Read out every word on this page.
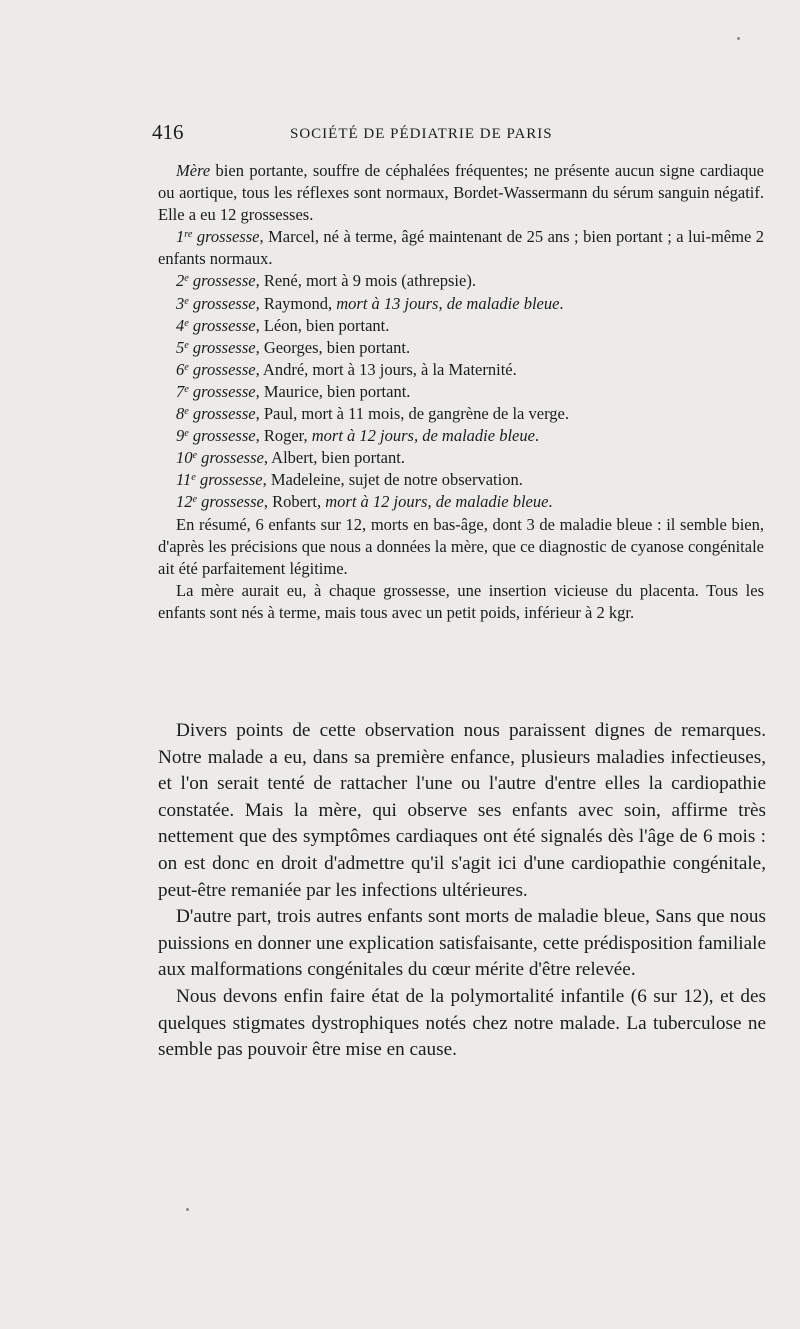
416	SOCIÉTÉ DE PÉDIATRIE DE PARIS

Mère bien portante, souffre de céphalées fréquentes; ne présente aucun signe cardiaque ou aortique, tous les réflexes sont normaux, Bordet-Wassermann du sérum sanguin négatif. Elle a eu 12 grossesses.

1re grossesse, Marcel, né à terme, âgé maintenant de 25 ans ; bien portant ; a lui-même 2 enfants normaux.

2e grossesse, René, mort à 9 mois (athrepsie).

3e grossesse, Raymond, mort à 13 jours, de maladie bleue.

4e grossesse, Léon, bien portant.

5e grossesse, Georges, bien portant.

6e grossesse, André, mort à 13 jours, à la Maternité.

7e grossesse, Maurice, bien portant.

8e grossesse, Paul, mort à 11 mois, de gangrène de la verge.

9e grossesse, Roger, mort à 12 jours, de maladie bleue.

10e grossesse, Albert, bien portant.

11e grossesse, Madeleine, sujet de notre observation.

12e grossesse, Robert, mort à 12 jours, de maladie bleue.

En résumé, 6 enfants sur 12, morts en bas-âge, dont 3 de maladie bleue : il semble bien, d'après les précisions que nous a données la mère, que ce diagnostic de cyanose congénitale ait été parfaitement légitime.

La mère aurait eu, à chaque grossesse, une insertion vicieuse du placenta. Tous les enfants sont nés à terme, mais tous avec un petit poids, inférieur à 2 kgr.

Divers points de cette observation nous paraissent dignes de remarques. Notre malade a eu, dans sa première enfance, plusieurs maladies infectieuses, et l'on serait tenté de rattacher l'une ou l'autre d'entre elles la cardiopathie constatée. Mais la mère, qui observe ses enfants avec soin, affirme très nettement que des symptômes cardiaques ont été signalés dès l'âge de 6 mois : on est donc en droit d'admettre qu'il s'agit ici d'une cardiopathie congénitale, peut-être remaniée par les infections ultérieures.

D'autre part, trois autres enfants sont morts de maladie bleue, Sans que nous puissions en donner une explication satisfaisante, cette prédisposition familiale aux malformations congénitales du cœur mérite d'être relevée.

Nous devons enfin faire état de la polymortalité infantile (6 sur 12), et des quelques stigmates dystrophiques notés chez notre malade. La tuberculose ne semble pas pouvoir être mise en cause.
